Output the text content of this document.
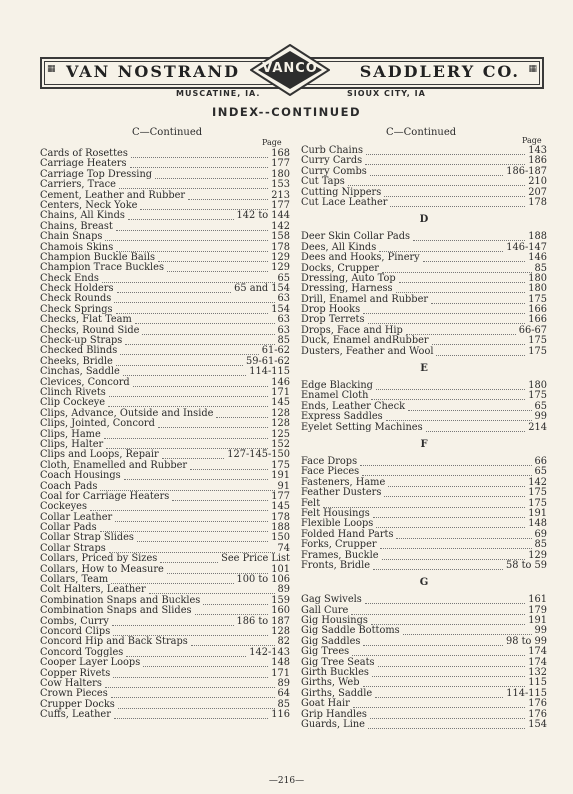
▦ VAN NOSTRAND	SADDLERY CO. ▦
VANCO
MUSCATINE, IA.	SIOUX CITY, IA
INDEX--CONTINUED
C—Continued
Page
Cards of Rosettes	168
Carriage Heaters	177
Carriage Top Dressing	180
Carriers, Trace	153
Cement, Leather and Rubber	213
Centers, Neck Yoke	177
Chains, All Kinds	142 to 144
Chains, Breast	142
Chain Snaps	158
Chamois Skins	178
Champion Buckle Bails	129
Champion Trace Buckles	129
Check Ends	65
Check Holders	65 and 154
Check Rounds	63
Check Springs	154
Checks, Flat Team	63
Checks, Round Side	63
Check-up Straps	85
Checked Blinds	61-62
Cheeks, Bridle	59-61-62
Cinchas, Saddle	114-115
Clevices, Concord	146
Clinch Rivets	171
Clip Cockeye	145
Clips, Advance, Outside and Inside	128
Clips, Jointed, Concord	128
Clips, Hame	125
Clips, Halter	152
Clips and Loops, Repair	127-145-150
Cloth, Enamelled and Rubber	175
Coach Housings	191
Coach Pads	91
Coal for Carriage Heaters	177
Cockeyes	145
Collar Leather	178
Collar Pads	188
Collar Strap Slides	150
Collar Straps	74
Collars, Priced by Sizes	See Price List
Collars, How to Measure	101
Collars, Team	100 to 106
Colt Halters, Leather	89
Combination Snaps and Buckles	159
Combination Snaps and Slides	160
Combs, Curry	186 to 187
Concord Clips	128
Concord Hip and Back Straps	82
Concord Toggles	142-143
Cooper Layer Loops	148
Copper Rivets	171
Cow Halters	89
Crown Pieces	64
Crupper Docks	85
Cuffs, Leather	116
C—Continued
Page
Curb Chains	143
Curry Cards	186
Curry Combs	186-187
Cut Taps	210
Cutting Nippers	207
Cut Lace Leather	178
D
Deer Skin Collar Pads	188
Dees, All Kinds	146-147
Dees and Hooks, Pinery	146
Docks, Crupper	85
Dressing, Auto Top	180
Dressing, Harness	180
Drill, Enamel and Rubber	175
Drop Hooks	166
Drop Terrets	166
Drops, Face and Hip	66-67
Duck, Enamel andRubber	175
Dusters, Feather and Wool	175
E
Edge Blacking	180
Enamel Cloth	175
Ends, Leather Check	65
Express Saddles	99
Eyelet Setting Machines	214
F
Face Drops	66
Face Pieces	65
Fasteners, Hame	142
Feather Dusters	175
Felt	175
Felt Housings	191
Flexible Loops	148
Folded Hand Parts	69
Forks, Crupper	85
Frames, Buckle	129
Fronts, Bridle	58 to 59
G
Gag Swivels	161
Gall Cure	179
Gig Housings	191
Gig Saddle Bottoms	99
Gig Saddles	98 to 99
Gig Trees	174
Gig Tree Seats	174
Girth Buckles	132
Girths, Web	115
Girths, Saddle	114-115
Goat Hair	176
Grip Handles	176
Guards, Line	154
—216—
